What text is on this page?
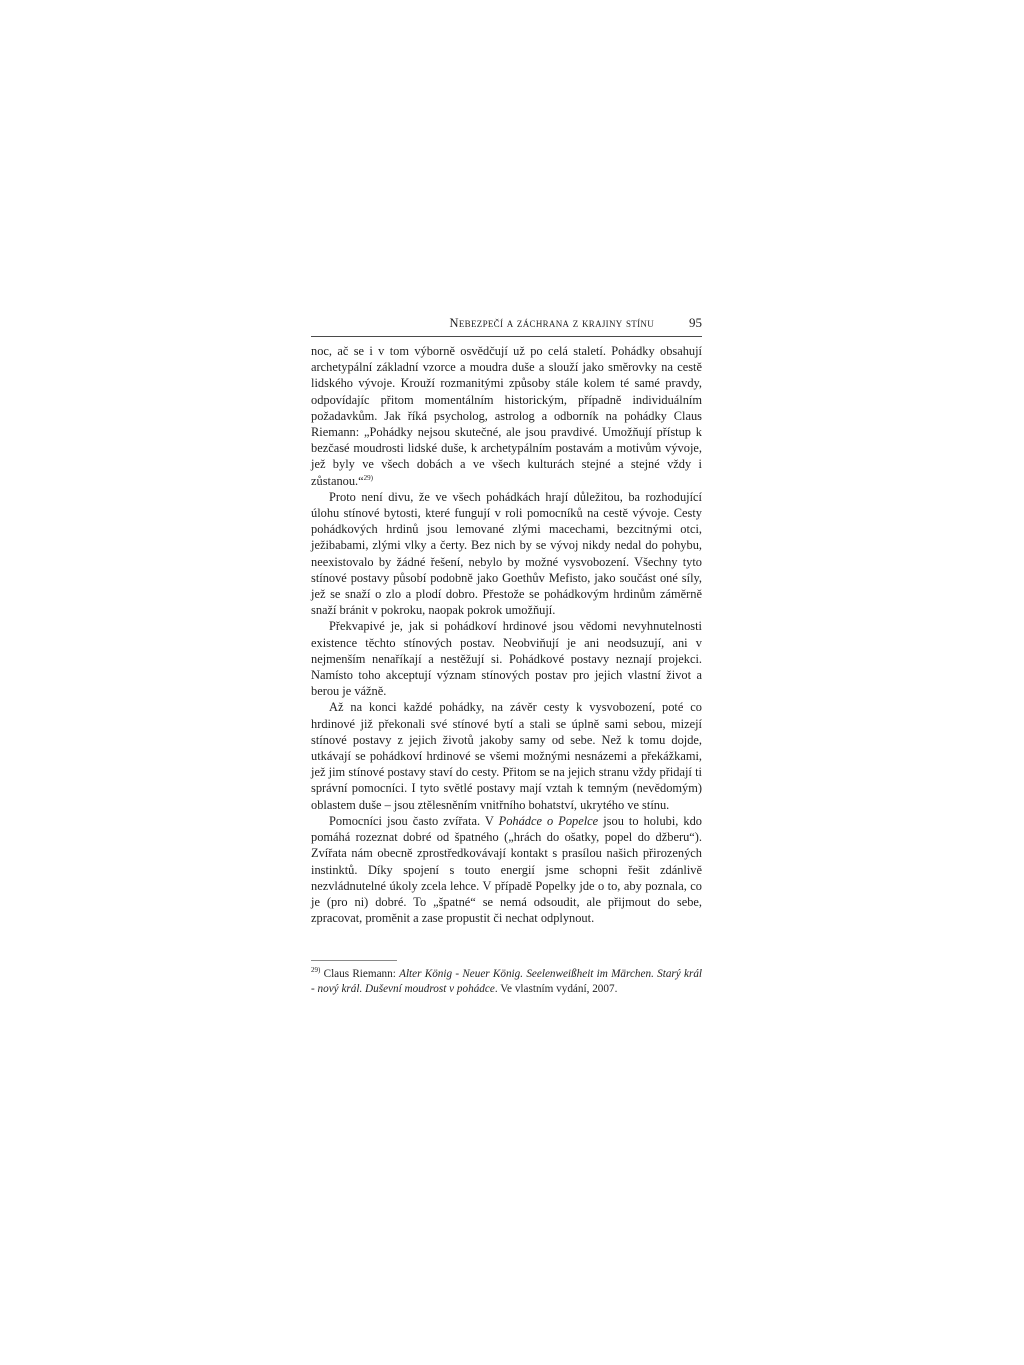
Nebezpečí a záchrana z krajiny stínu	95

noc, ač se i v tom výborně osvědčují už po celá staletí. Pohádky obsahují archetypální základní vzorce a moudra duše a slouží jako směrovky na cestě lidského vývoje. Krouží rozmanitými způsoby stále kolem té samé pravdy, odpovídajíc přitom momentálním historickým, případně individuálním požadavkům. Jak říká psycholog, astrolog a odborník na pohádky Claus Riemann: „Pohádky nejsou skutečné, ale jsou pravdivé. Umožňují přístup k bezčasé moudrosti lidské duše, k archetypálním postavám a motivům vývoje, jež byly ve všech dobách a ve všech kulturách stejné a stejné vždy i zůstanou.“$^{29)}$

Proto není divu, že ve všech pohádkách hrají důležitou, ba rozhodující úlohu stínové bytosti, které fungují v roli pomocníků na cestě vývoje. Cesty pohádkových hrdinů jsou lemované zlými macechami, bezcitnými otci, ježibabami, zlými vlky a čerty. Bez nich by se vývoj nikdy nedal do pohybu, neexistovalo by žádné řešení, nebylo by možné vysvobození. Všechny tyto stínové postavy působí podobně jako Goethův Mefisto, jako součást oné síly, jež se snaží o zlo a plodí dobro. Přestože se pohádkovým hrdinům záměrně snaží bránit v pokroku, naopak pokrok umožňují.

Překvapivé je, jak si pohádkoví hrdinové jsou vědomi nevyhnutelnosti existence těchto stínových postav. Neobviňují je ani neodsuzují, ani v nejmenším nenaříkají a nestěžují si. Pohádkové postavy neznají projekci. Namísto toho akceptují význam stínových postav pro jejich vlastní život a berou je vážně.

Až na konci každé pohádky, na závěr cesty k vysvobození, poté co hrdinové již překonali své stínové bytí a stali se úplně sami sebou, mizejí stínové postavy z jejich životů jakoby samy od sebe. Než k tomu dojde, utkávají se pohádkoví hrdinové se všemi možnými nesnázemi a překážkami, jež jim stínové postavy staví do cesty. Přitom se na jejich stranu vždy přidají ti správní pomocníci. I tyto světlé postavy mají vztah k temným (nevědomým) oblastem duše – jsou ztělesněním vnitřního bohatství, ukrytého ve stínu.

Pomocníci jsou často zvířata. V Pohádce o Popelce jsou to holubi, kdo pomáhá rozeznat dobré od špatného („hrách do ošatky, popel do džberu“). Zvířata nám obecně zprostředkovávají kontakt s prasílou našich přirozených instinktů. Díky spojení s touto energií jsme schopni řešit zdánlivě nezvládnutelné úkoly zcela lehce. V případě Popelky jde o to, aby poznala, co je (pro ni) dobré. To „špatné“ se nemá odsoudit, ale přijmout do sebe, zpracovat, proměnit a zase propustit či nechat odplynout.

$^{29)}$ Claus Riemann: Alter König - Neuer König. Seelenweißheit im Märchen. Starý král - nový král. Duševní moudrost v pohádce. Ve vlastním vydání, 2007.
